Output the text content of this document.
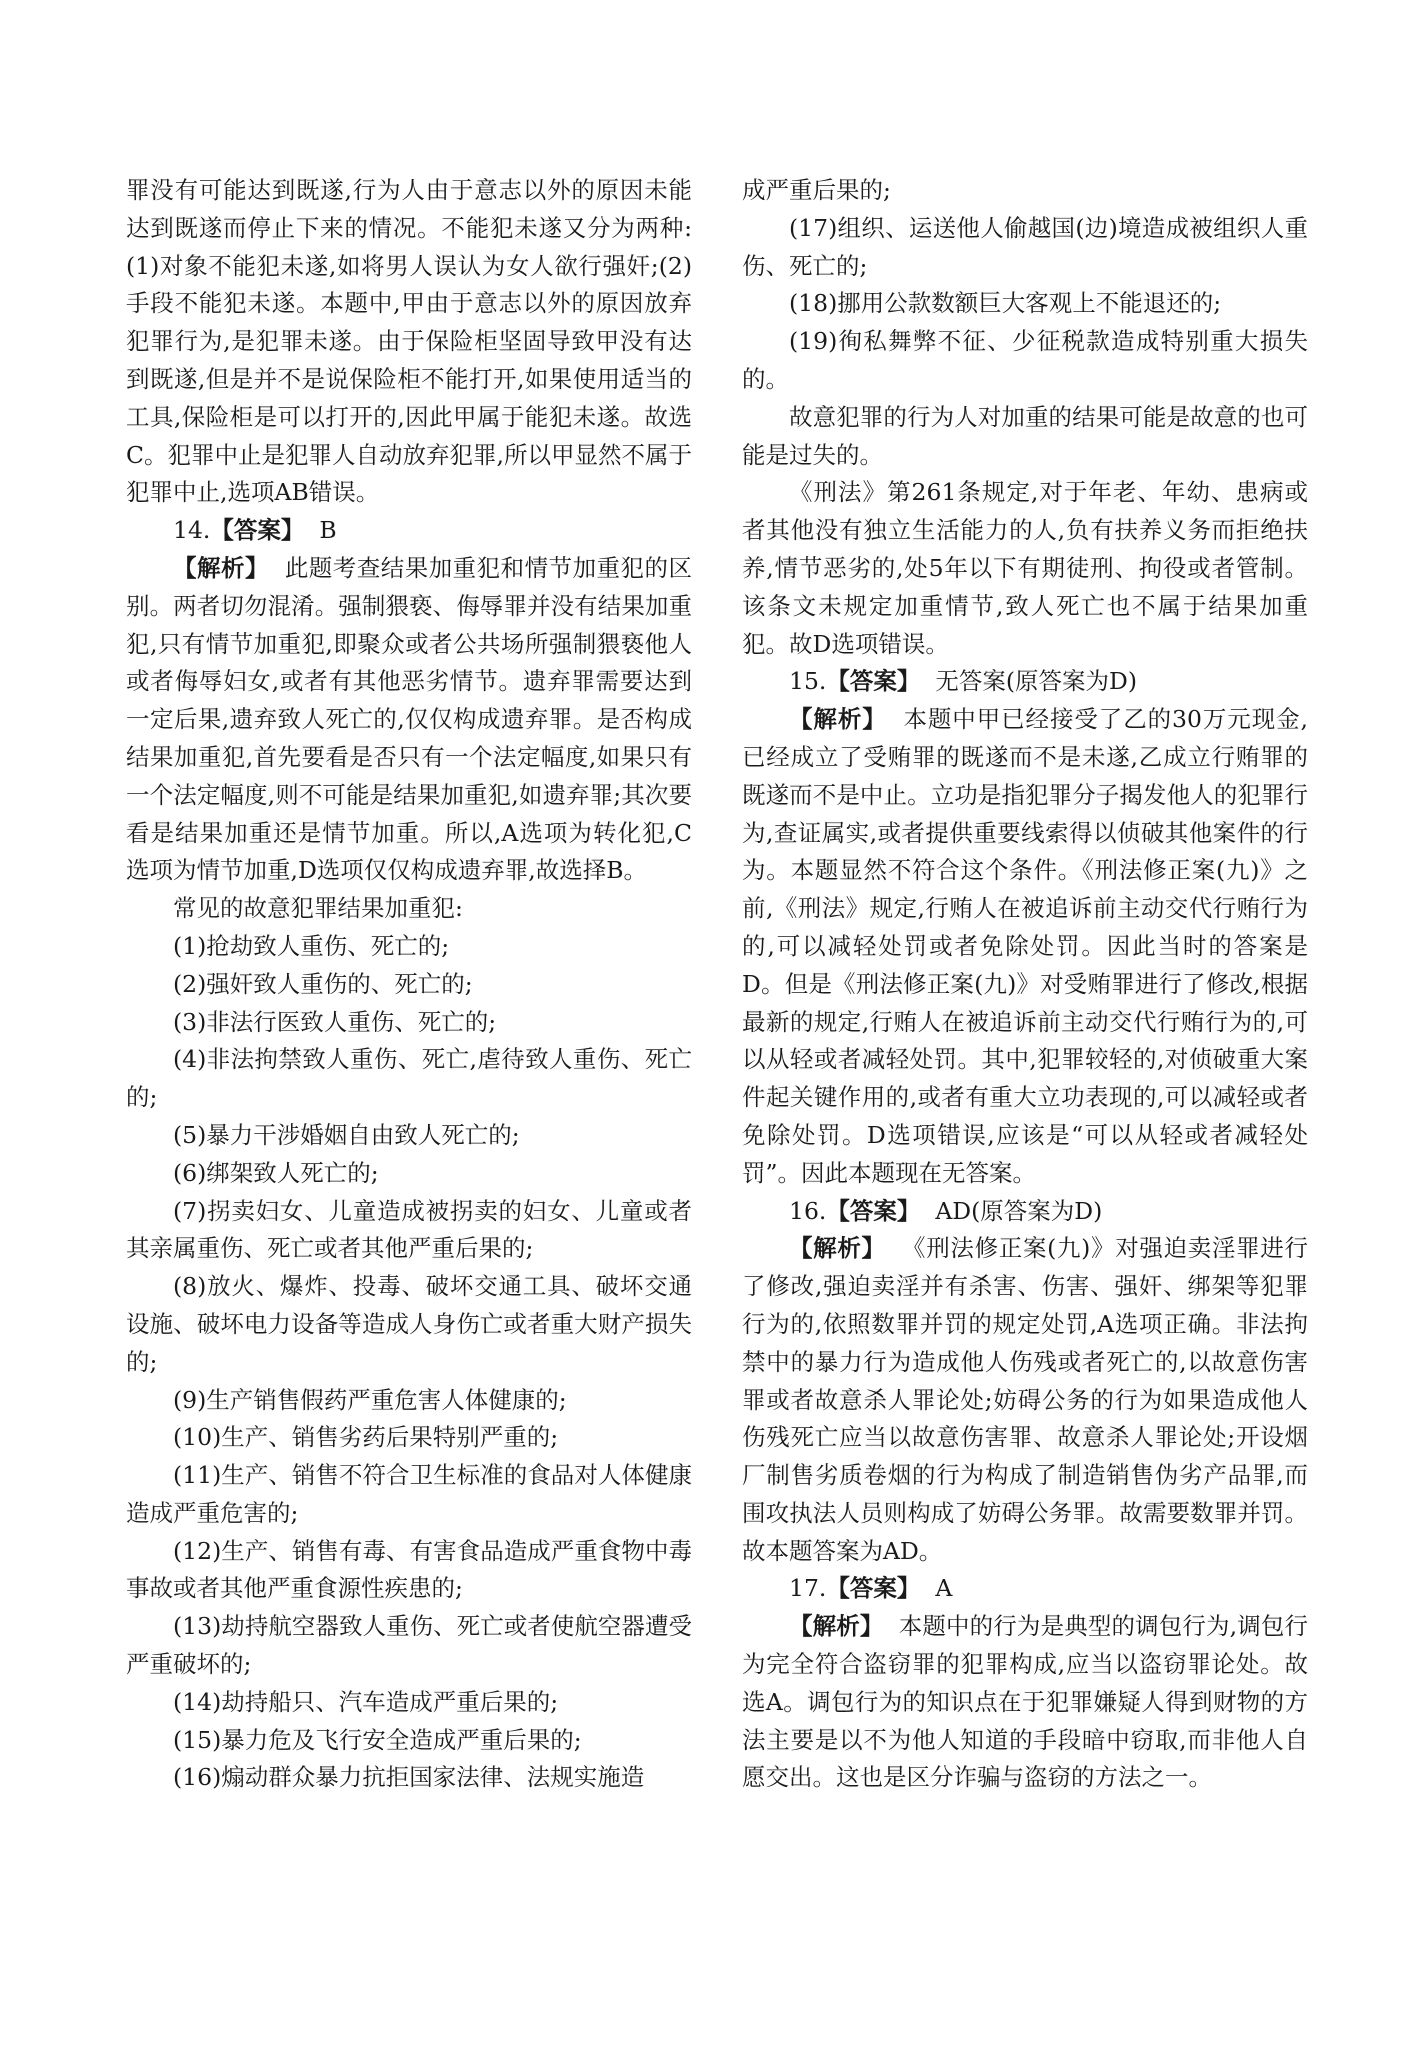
罪没有可能达到既遂,行为人由于意志以外的原因未能达到既遂而停止下来的情况。不能犯未遂又分为两种:(1)对象不能犯未遂,如将男人误认为女人欲行强奸;(2)手段不能犯未遂。本题中,甲由于意志以外的原因放弃犯罪行为,是犯罪未遂。由于保险柜坚固导致甲没有达到既遂,但是并不是说保险柜不能打开,如果使用适当的工具,保险柜是可以打开的,因此甲属于能犯未遂。故选C。犯罪中止是犯罪人自动放弃犯罪,所以甲显然不属于犯罪中止,选项AB错误。

14.【答案】 B

【解析】 此题考查结果加重犯和情节加重犯的区别。两者切勿混淆。强制猥亵、侮辱罪并没有结果加重犯,只有情节加重犯,即聚众或者公共场所强制猥亵他人或者侮辱妇女,或者有其他恶劣情节。遗弃罪需要达到一定后果,遗弃致人死亡的,仅仅构成遗弃罪。是否构成结果加重犯,首先要看是否只有一个法定幅度,如果只有一个法定幅度,则不可能是结果加重犯,如遗弃罪;其次要看是结果加重还是情节加重。所以,A选项为转化犯,C选项为情节加重,D选项仅仅构成遗弃罪,故选择B。

常见的故意犯罪结果加重犯:

(1)抢劫致人重伤、死亡的;

(2)强奸致人重伤的、死亡的;

(3)非法行医致人重伤、死亡的;

(4)非法拘禁致人重伤、死亡,虐待致人重伤、死亡的;

(5)暴力干涉婚姻自由致人死亡的;

(6)绑架致人死亡的;

(7)拐卖妇女、儿童造成被拐卖的妇女、儿童或者其亲属重伤、死亡或者其他严重后果的;

(8)放火、爆炸、投毒、破坏交通工具、破坏交通设施、破坏电力设备等造成人身伤亡或者重大财产损失的;

(9)生产销售假药严重危害人体健康的;

(10)生产、销售劣药后果特别严重的;

(11)生产、销售不符合卫生标准的食品对人体健康造成严重危害的;

(12)生产、销售有毒、有害食品造成严重食物中毒事故或者其他严重食源性疾患的;

(13)劫持航空器致人重伤、死亡或者使航空器遭受严重破坏的;

(14)劫持船只、汽车造成严重后果的;

(15)暴力危及飞行安全造成严重后果的;

(16)煽动群众暴力抗拒国家法律、法规实施造

成严重后果的;

(17)组织、运送他人偷越国(边)境造成被组织人重伤、死亡的;

(18)挪用公款数额巨大客观上不能退还的;

(19)徇私舞弊不征、少征税款造成特别重大损失的。

故意犯罪的行为人对加重的结果可能是故意的也可能是过失的。

《刑法》第261条规定,对于年老、年幼、患病或者其他没有独立生活能力的人,负有扶养义务而拒绝扶养,情节恶劣的,处5年以下有期徒刑、拘役或者管制。该条文未规定加重情节,致人死亡也不属于结果加重犯。故D选项错误。

15.【答案】 无答案(原答案为D)

【解析】 本题中甲已经接受了乙的30万元现金,已经成立了受贿罪的既遂而不是未遂,乙成立行贿罪的既遂而不是中止。立功是指犯罪分子揭发他人的犯罪行为,查证属实,或者提供重要线索得以侦破其他案件的行为。本题显然不符合这个条件。《刑法修正案(九)》之前,《刑法》规定,行贿人在被追诉前主动交代行贿行为的,可以减轻处罚或者免除处罚。因此当时的答案是D。但是《刑法修正案(九)》对受贿罪进行了修改,根据最新的规定,行贿人在被追诉前主动交代行贿行为的,可以从轻或者减轻处罚。其中,犯罪较轻的,对侦破重大案件起关键作用的,或者有重大立功表现的,可以减轻或者免除处罚。D选项错误,应该是“可以从轻或者减轻处罚”。因此本题现在无答案。

16.【答案】 AD(原答案为D)

【解析】 《刑法修正案(九)》对强迫卖淫罪进行了修改,强迫卖淫并有杀害、伤害、强奸、绑架等犯罪行为的,依照数罪并罚的规定处罚,A选项正确。非法拘禁中的暴力行为造成他人伤残或者死亡的,以故意伤害罪或者故意杀人罪论处;妨碍公务的行为如果造成他人伤残死亡应当以故意伤害罪、故意杀人罪论处;开设烟厂制售劣质卷烟的行为构成了制造销售伪劣产品罪,而围攻执法人员则构成了妨碍公务罪。故需要数罪并罚。故本题答案为AD。

17.【答案】 A

【解析】 本题中的行为是典型的调包行为,调包行为完全符合盗窃罪的犯罪构成,应当以盗窃罪论处。故选A。调包行为的知识点在于犯罪嫌疑人得到财物的方法主要是以不为他人知道的手段暗中窃取,而非他人自愿交出。这也是区分诈骗与盗窃的方法之一。
